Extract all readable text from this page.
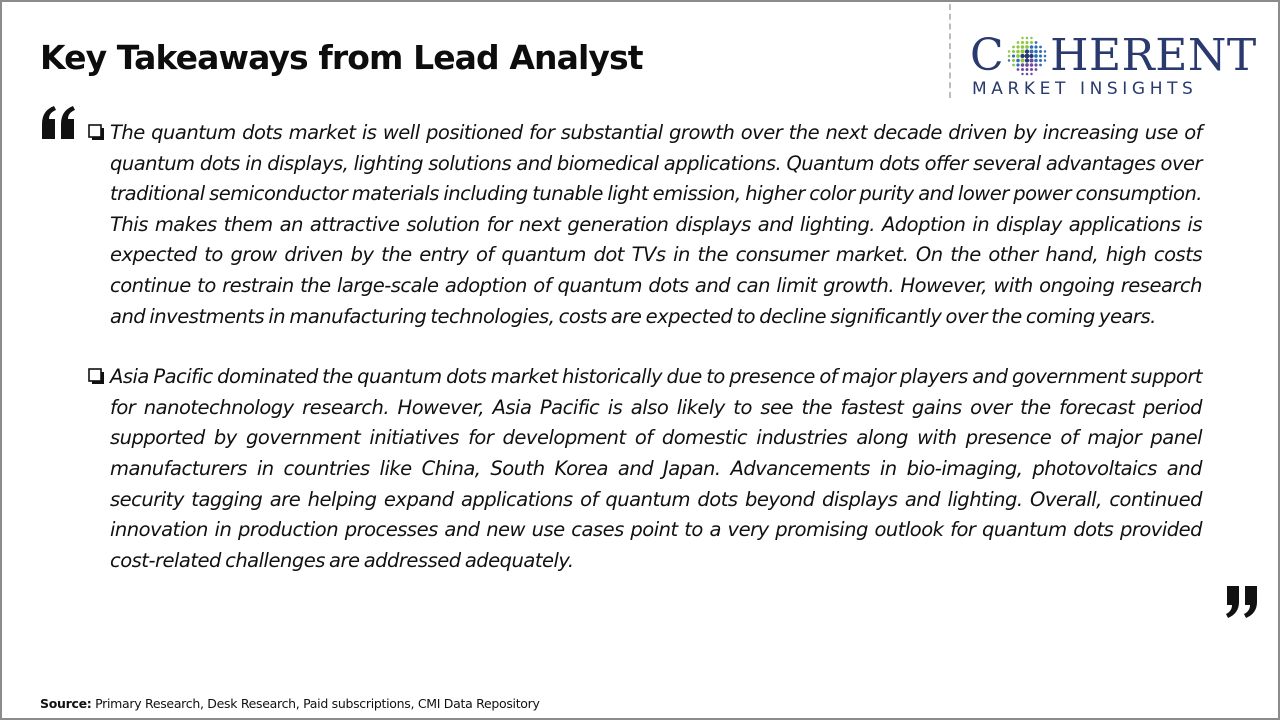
Key Takeaways from Lead Analyst	C HERENT
MARKET INSIGHTS

The quantum dots market is well positioned for substantial growth over the next decade driven by increasing use of quantum dots in displays, lighting solutions and biomedical applications. Quantum dots offer several advantages over traditional semiconductor materials including tunable light emission, higher color purity and lower power consumption. This makes them an attractive solution for next generation displays and lighting. Adoption in display applications is expected to grow driven by the entry of quantum dot TVs in the consumer market. On the other hand, high costs continue to restrain the large-scale adoption of quantum dots and can limit growth. However, with ongoing research and investments in manufacturing technologies, costs are expected to decline significantly over the coming years.

Asia Pacific dominated the quantum dots market historically due to presence of major players and government support for nanotechnology research. However, Asia Pacific is also likely to see the fastest gains over the forecast period supported by government initiatives for development of domestic industries along with presence of major panel manufacturers in countries like China, South Korea and Japan. Advancements in bio-imaging, photovoltaics and security tagging are helping expand applications of quantum dots beyond displays and lighting. Overall, continued innovation in production processes and new use cases point to a very promising outlook for quantum dots provided cost-related challenges are addressed adequately.

Source: Primary Research, Desk Research, Paid subscriptions, CMI Data Repository
